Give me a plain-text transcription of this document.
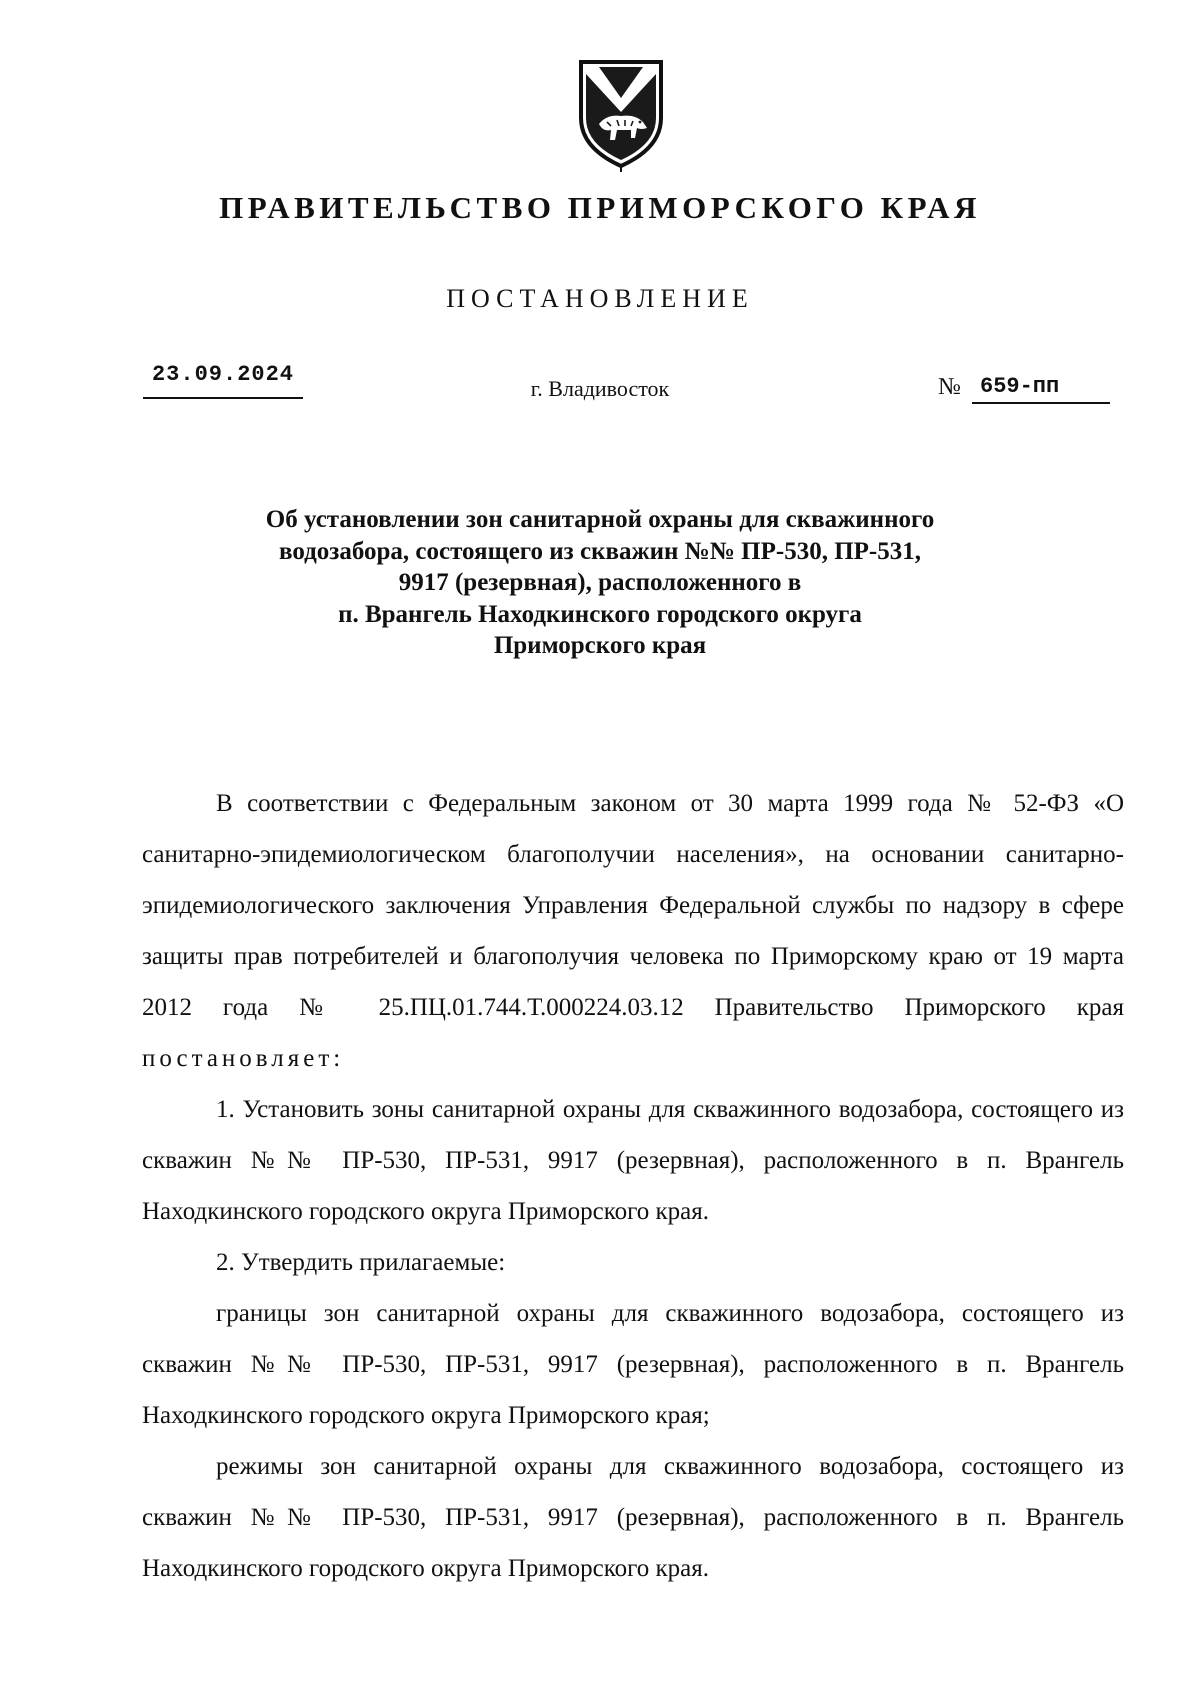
ПРАВИТЕЛЬСТВО ПРИМОРСКОГО КРАЯ
ПОСТАНОВЛЕНИЕ
23.09.2024
г. Владивосток	№ 659-пп
Об установлении зон санитарной охраны для скважинного
водозабора, состоящего из скважин №№ ПР-530, ПР-531,
9917 (резервная), расположенного в
п. Врангель Находкинского городского округа
Приморского края

В соответствии с Федеральным законом от 30 марта 1999 года № 52-ФЗ «О санитарно-эпидемиологическом благополучии населения», на основании санитарно-эпидемиологического заключения Управления Федеральной службы по надзору в сфере защиты прав потребителей и благополучия человека по Приморскому краю от 19 марта 2012 года № 25.ПЦ.01.744.Т.000224.03.12 Правительство Приморского края постановляет:

1. Установить зоны санитарной охраны для скважинного водозабора, состоящего из скважин №№ ПР-530, ПР-531, 9917 (резервная), расположенного в п. Врангель Находкинского городского округа Приморского края.

2. Утвердить прилагаемые:

границы зон санитарной охраны для скважинного водозабора, состоящего из скважин №№ ПР-530, ПР-531, 9917 (резервная), расположенного в п. Врангель Находкинского городского округа Приморского края;

режимы зон санитарной охраны для скважинного водозабора, состоящего из скважин №№ ПР-530, ПР-531, 9917 (резервная), расположенного в п. Врангель Находкинского городского округа Приморского края.
